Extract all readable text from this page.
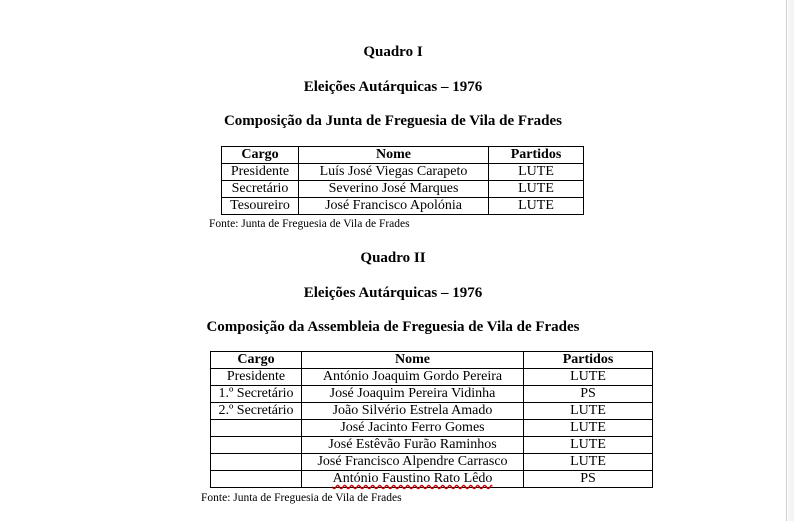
Quadro I
Eleições Autárquicas – 1976
Composição da Junta de Freguesia de Vila de Frades
Cargo	Nome	Partidos
Presidente	Luís José Viegas Carapeto	LUTE
Secretário	Severino José Marques	LUTE
Tesoureiro	José Francisco Apolónia	LUTE
Fonte: Junta de Freguesia de Vila de Frades
Quadro II
Eleições Autárquicas – 1976
Composição da Assembleia de Freguesia de Vila de Frades
Cargo	Nome	Partidos
Presidente	António Joaquim Gordo Pereira	LUTE
1.º Secretário	José Joaquim Pereira Vidinha	PS
2.º Secretário	João Silvério Estrela Amado	LUTE
	José Jacinto Ferro Gomes	LUTE
	José Estêvão Furão Raminhos	LUTE
	José Francisco Alpendre Carrasco	LUTE
	António Faustino Rato Lêdo	PS
Fonte: Junta de Freguesia de Vila de Frades
